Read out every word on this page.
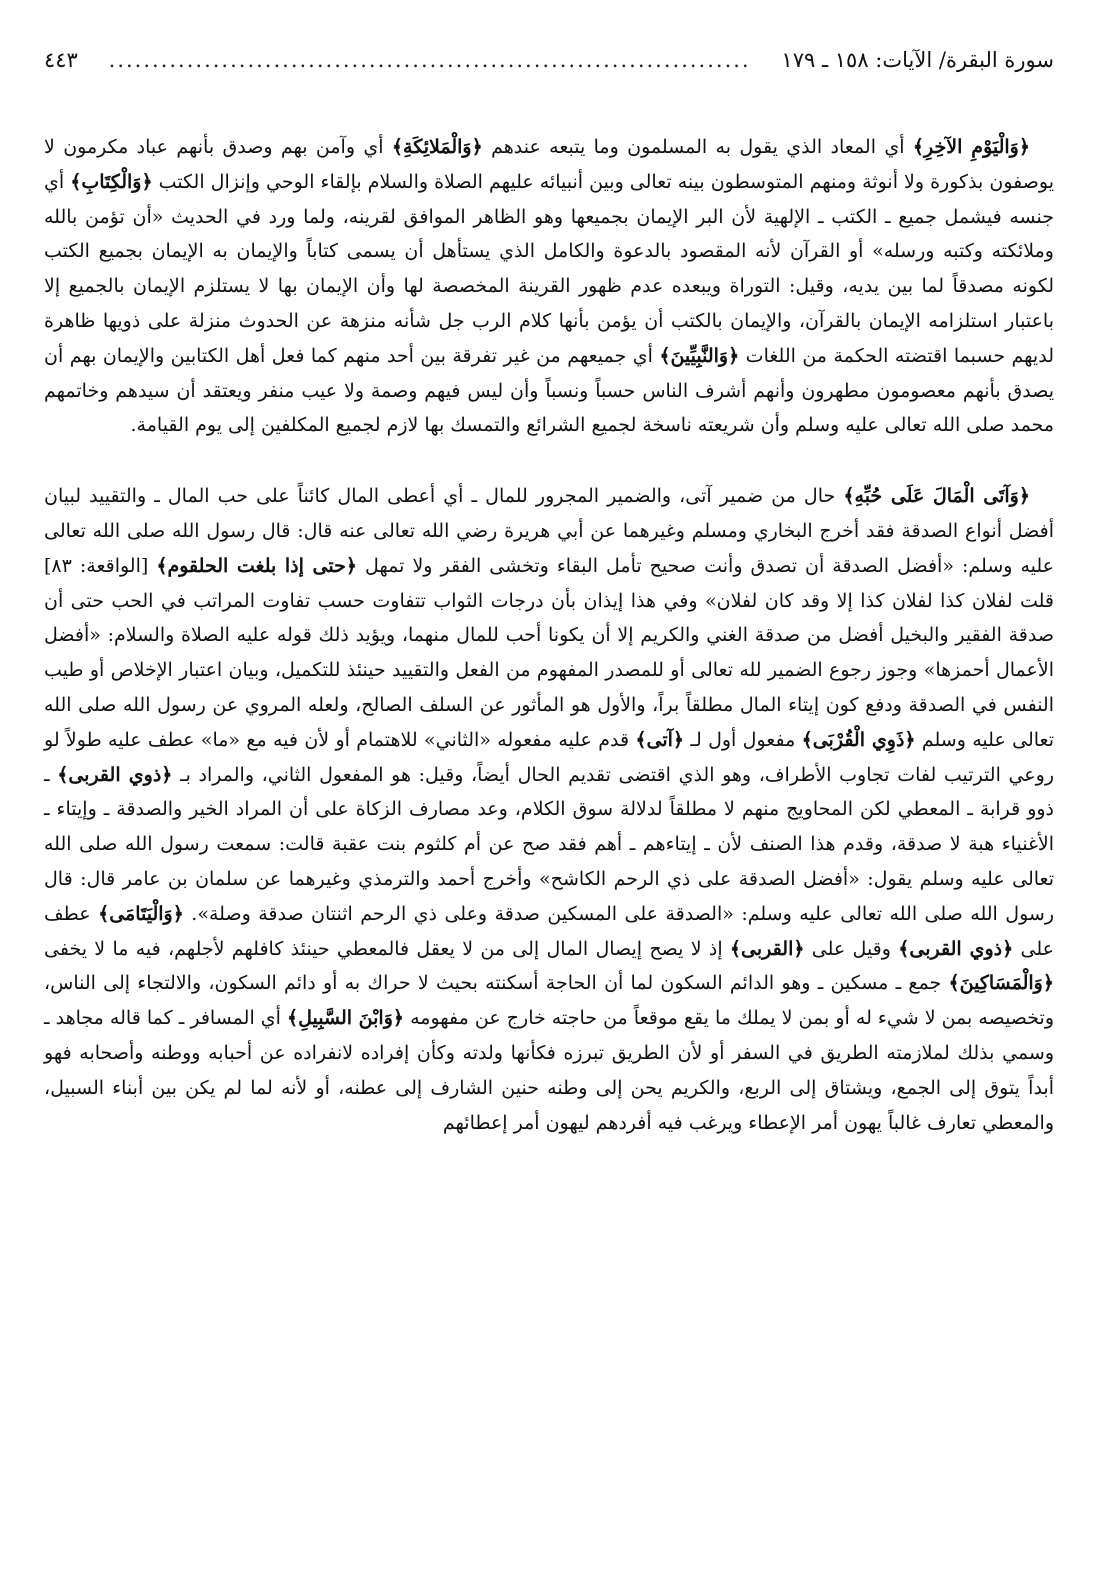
سورة البقرة/ الآيات: ١٥٨ ـ ١٧٩
..........................................................................
٤٤٣

﴿وَالْيَوْمِ الآخِرِ﴾ أي المعاد الذي يقول به المسلمون وما يتبعه عندهم ﴿وَالْمَلائِكَةِ﴾ أي وآمن بهم وصدق بأنهم عباد مكرمون لا يوصفون بذكورة ولا أنوثة ومنهم المتوسطون بينه تعالى وبين أنبيائه عليهم الصلاة والسلام بإلقاء الوحي وإنزال الكتب ﴿وَالْكِتَابِ﴾ أي جنسه فيشمل جميع ـ الكتب ـ الإلهية لأن البر الإيمان بجميعها وهو الظاهر الموافق لقرينه، ولما ورد في الحديث «أن تؤمن بالله وملائكته وكتبه ورسله» أو القرآن لأنه المقصود بالدعوة والكامل الذي يستأهل أن يسمى كتاباً والإيمان به الإيمان بجميع الكتب لكونه مصدقاً لما بين يديه، وقيل: التوراة ويبعده عدم ظهور القرينة المخصصة لها وأن الإيمان بها لا يستلزم الإيمان بالجميع إلا باعتبار استلزامه الإيمان بالقرآن، والإيمان بالكتب أن يؤمن بأنها كلام الرب جل شأنه منزهة عن الحدوث منزلة على ذويها ظاهرة لديهم حسبما اقتضته الحكمة من اللغات ﴿وَالنَّبِيِّينَ﴾ أي جميعهم من غير تفرقة بين أحد منهم كما فعل أهل الكتابين والإيمان بهم أن يصدق بأنهم معصومون مطهرون وأنهم أشرف الناس حسباً ونسباً وأن ليس فيهم وصمة ولا عيب منفر ويعتقد أن سيدهم وخاتمهم محمد صلى الله تعالى عليه وسلم وأن شريعته ناسخة لجميع الشرائع والتمسك بها لازم لجميع المكلفين إلى يوم القيامة.

﴿وَآتَى الْمَالَ عَلَى حُبِّهِ﴾ حال من ضمير آتى، والضمير المجرور للمال ـ أي أعطى المال كائناً على حب المال ـ والتقييد لبيان أفضل أنواع الصدقة فقد أخرج البخاري ومسلم وغيرهما عن أبي هريرة رضي الله تعالى عنه قال: قال رسول الله صلى الله تعالى عليه وسلم: «أفضل الصدقة أن تصدق وأنت صحيح تأمل البقاء وتخشى الفقر ولا تمهل ﴿حتى إذا بلغت الحلقوم﴾ [الواقعة: ٨٣] قلت لفلان كذا لفلان كذا إلا وقد كان لفلان» وفي هذا إيذان بأن درجات الثواب تتفاوت حسب تفاوت المراتب في الحب حتى أن صدقة الفقير والبخيل أفضل من صدقة الغني والكريم إلا أن يكونا أحب للمال منهما، ويؤيد ذلك قوله عليه الصلاة والسلام: «أفضل الأعمال أحمزها» وجوز رجوع الضمير لله تعالى أو للمصدر المفهوم من الفعل والتقييد حينئذ للتكميل، وبيان اعتبار الإخلاص أو طيب النفس في الصدقة ودفع كون إيتاء المال مطلقاً براً، والأول هو المأثور عن السلف الصالح، ولعله المروي عن رسول الله صلى الله تعالى عليه وسلم ﴿ذَوِي الْقُرْبَى﴾ مفعول أول لـ ﴿آتى﴾ قدم عليه مفعوله «الثاني» للاهتمام أو لأن فيه مع «ما» عطف عليه طولاً لو روعي الترتيب لفات تجاوب الأطراف، وهو الذي اقتضى تقديم الحال أيضاً، وقيل: هو المفعول الثاني، والمراد بـ ﴿ذوي القربى﴾ ـ ذوو قرابة ـ المعطي لكن المحاويج منهم لا مطلقاً لدلالة سوق الكلام، وعد مصارف الزكاة على أن المراد الخير والصدقة ـ وإيتاء ـ الأغنياء هبة لا صدقة، وقدم هذا الصنف لأن ـ إيتاءهم ـ أهم فقد صح عن أم كلثوم بنت عقبة قالت: سمعت رسول الله صلى الله تعالى عليه وسلم يقول: «أفضل الصدقة على ذي الرحم الكاشح» وأخرج أحمد والترمذي وغيرهما عن سلمان بن عامر قال: قال رسول الله صلى الله تعالى عليه وسلم: «الصدقة على المسكين صدقة وعلى ذي الرحم اثنتان صدقة وصلة». ﴿وَالْيَتَامَى﴾ عطف على ﴿ذوي القربى﴾ وقيل على ﴿القربى﴾ إذ لا يصح إيصال المال إلى من لا يعقل فالمعطي حينئذ كافلهم لأجلهم، فيه ما لا يخفى ﴿وَالْمَسَاكِينَ﴾ جمع ـ مسكين ـ وهو الدائم السكون لما أن الحاجة أسكنته بحيث لا حراك به أو دائم السكون، والالتجاء إلى الناس، وتخصيصه بمن لا شيء له أو بمن لا يملك ما يقع موقعاً من حاجته خارج عن مفهومه ﴿وَابْنَ السَّبِيلِ﴾ أي المسافر ـ كما قاله مجاهد ـ وسمي بذلك لملازمته الطريق في السفر أو لأن الطريق تبرزه فكأنها ولدته وكأن إفراده لانفراده عن أحبابه ووطنه وأصحابه فهو أبداً يتوق إلى الجمع، ويشتاق إلى الربع، والكريم يحن إلى وطنه حنين الشارف إلى عطنه، أو لأنه لما لم يكن بين أبناء السبيل، والمعطي تعارف غالباً يهون أمر الإعطاء ويرغب فيه أفردهم ليهون أمر إعطائهم
